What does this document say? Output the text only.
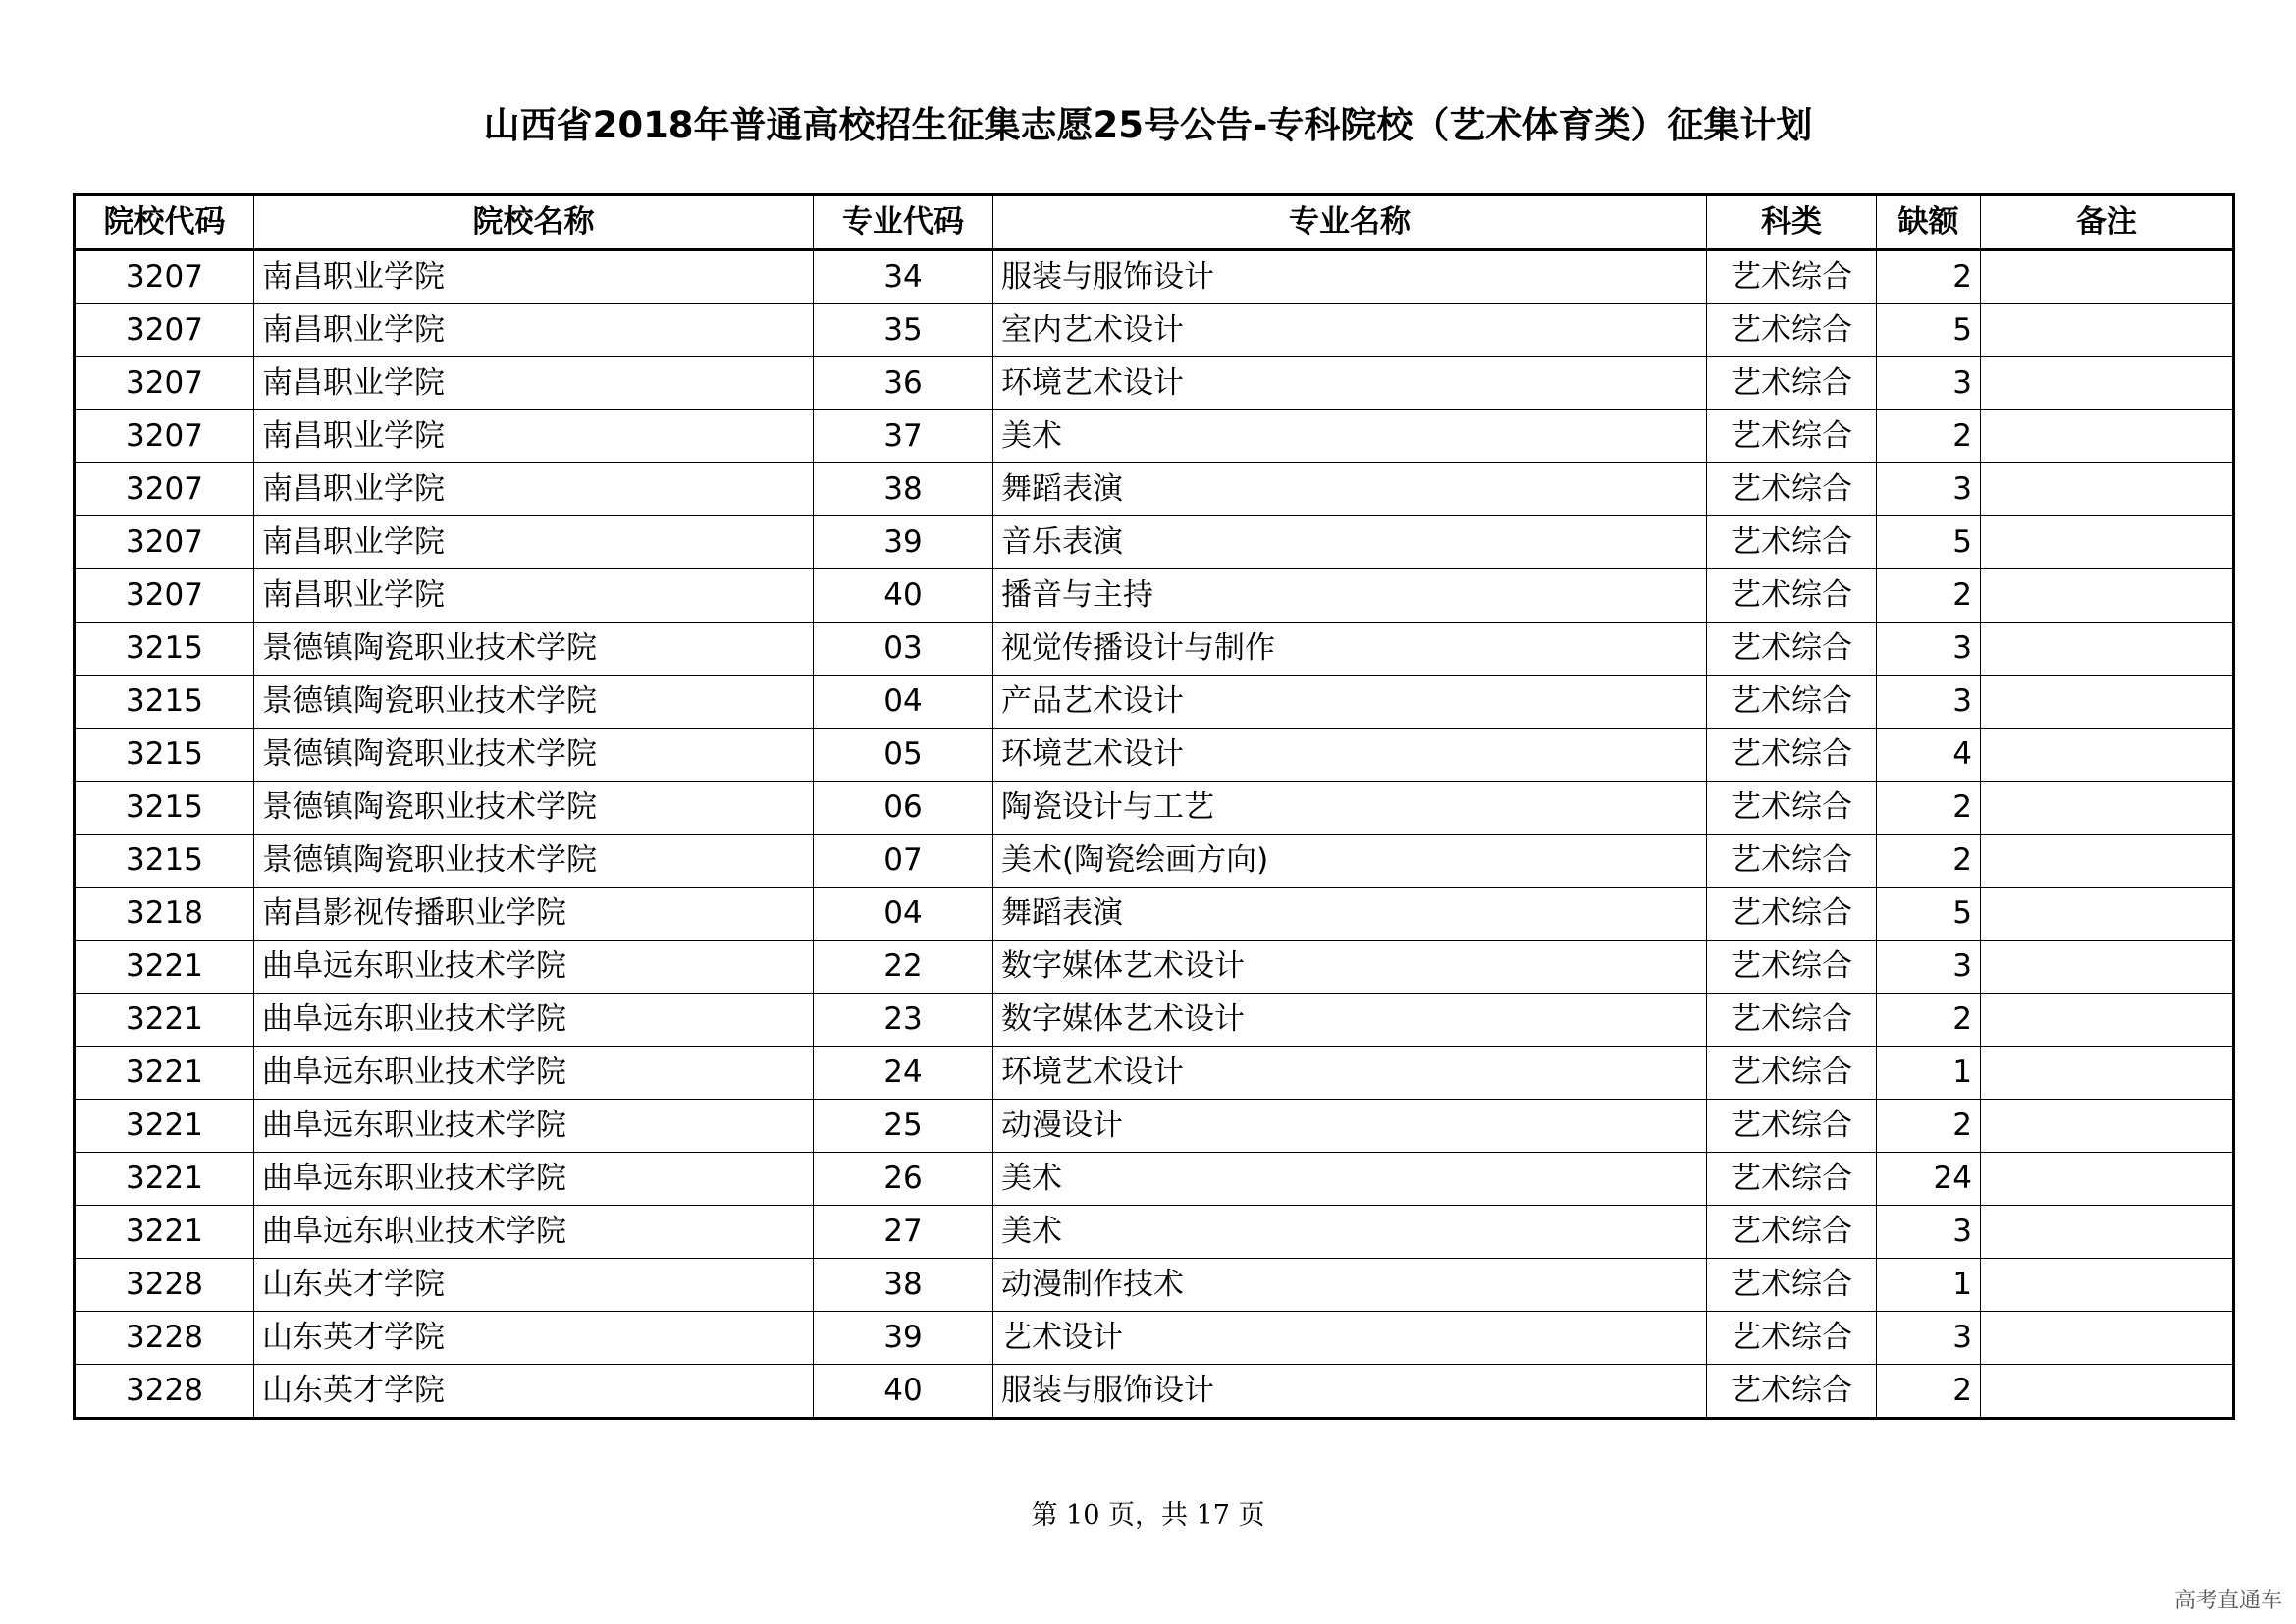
山西省2018年普通高校招生征集志愿25号公告-专科院校（艺术体育类）征集计划
院校代码	院校名称	专业代码	专业名称	科类	缺额	备注
3207	南昌职业学院	34	服装与服饰设计	艺术综合	2	
3207	南昌职业学院	35	室内艺术设计	艺术综合	5	
3207	南昌职业学院	36	环境艺术设计	艺术综合	3	
3207	南昌职业学院	37	美术	艺术综合	2	
3207	南昌职业学院	38	舞蹈表演	艺术综合	3	
3207	南昌职业学院	39	音乐表演	艺术综合	5	
3207	南昌职业学院	40	播音与主持	艺术综合	2	
3215	景德镇陶瓷职业技术学院	03	视觉传播设计与制作	艺术综合	3	
3215	景德镇陶瓷职业技术学院	04	产品艺术设计	艺术综合	3	
3215	景德镇陶瓷职业技术学院	05	环境艺术设计	艺术综合	4	
3215	景德镇陶瓷职业技术学院	06	陶瓷设计与工艺	艺术综合	2	
3215	景德镇陶瓷职业技术学院	07	美术(陶瓷绘画方向)	艺术综合	2	
3218	南昌影视传播职业学院	04	舞蹈表演	艺术综合	5	
3221	曲阜远东职业技术学院	22	数字媒体艺术设计	艺术综合	3	
3221	曲阜远东职业技术学院	23	数字媒体艺术设计	艺术综合	2	
3221	曲阜远东职业技术学院	24	环境艺术设计	艺术综合	1	
3221	曲阜远东职业技术学院	25	动漫设计	艺术综合	2	
3221	曲阜远东职业技术学院	26	美术	艺术综合	24	
3221	曲阜远东职业技术学院	27	美术	艺术综合	3	
3228	山东英才学院	38	动漫制作技术	艺术综合	1	
3228	山东英才学院	39	艺术设计	艺术综合	3	
3228	山东英才学院	40	服装与服饰设计	艺术综合	2	
第 10 页，共 17 页
高考直通车
